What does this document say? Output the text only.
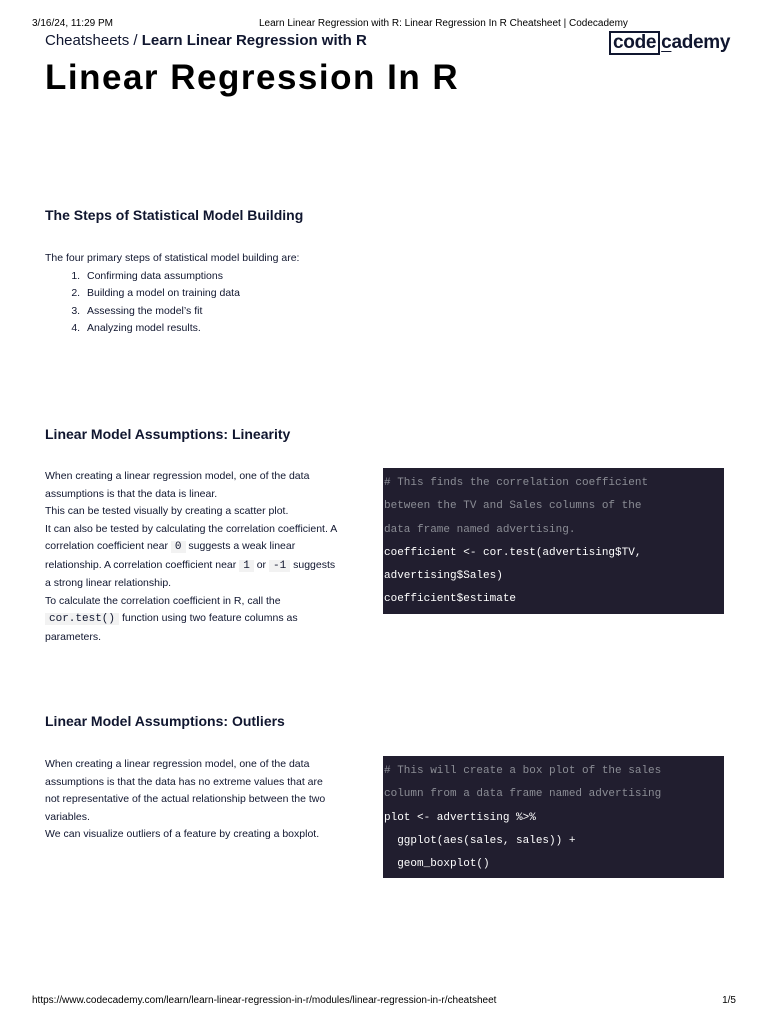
3/16/24, 11:29 PM	Learn Linear Regression with R: Linear Regression In R Cheatsheet | Codecademy
Cheatsheets / Learn Linear Regression with R	code cademy
Linear Regression In R
The Steps of Statistical Model Building
The four primary steps of statistical model building are:
1. Confirming data assumptions
2. Building a model on training data
3. Assessing the model’s fit
4. Analyzing model results.
Linear Model Assumptions: Linearity
When creating a linear regression model, one of the data assumptions is that the data is linear.
This can be tested visually by creating a scatter plot.
It can also be tested by calculating the correlation coefficient. A correlation coefficient near 0 suggests a weak linear relationship. A correlation coefficient near 1 or -1 suggests a strong linear relationship.
To calculate the correlation coefficient in R, call the cor.test() function using two feature columns as parameters.
# This finds the correlation coefficient
between the TV and Sales columns of the
data frame named advertising.
coefficient <- cor.test(advertising$TV,
advertising$Sales)
coefficient$estimate
Linear Model Assumptions: Outliers
When creating a linear regression model, one of the data assumptions is that the data has no extreme values that are not representative of the actual relationship between the two variables.
We can visualize outliers of a feature by creating a boxplot.
# This will create a box plot of the sales
column from a data frame named advertising
plot <- advertising %>%
ggplot(aes(sales, sales)) +
geom_boxplot()
https://www.codecademy.com/learn/learn-linear-regression-in-r/modules/linear-regression-in-r/cheatsheet	1/5
